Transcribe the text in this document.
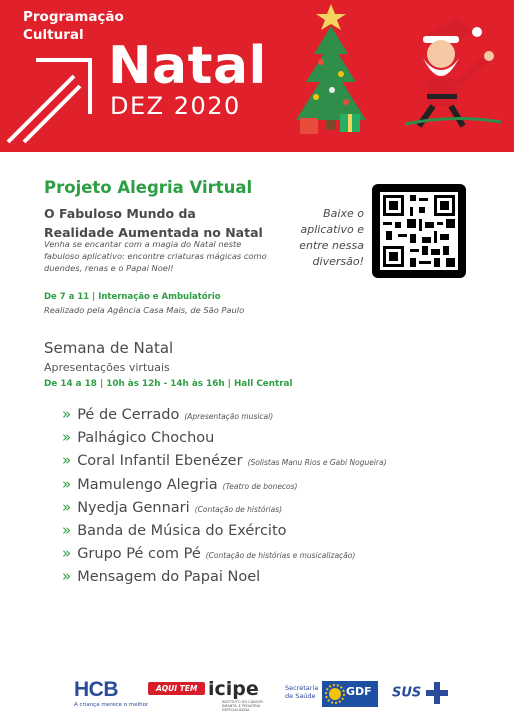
Programação
Cultural
Natal
DEZ 2020
Projeto Alegria Virtual
O Fabuloso Mundo da
Realidade Aumentada no Natal
Venha se encantar com a magia do Natal neste fabuloso aplicativo: encontre criaturas mágicas como duendes, renas e o Papai Noel!
De 7 a 11 | Internação e Ambulatório
Realizado pela Agência Casa Mais, de São Paulo
Baixe o aplicativo e entre nessa diversão!
Semana de Natal
Apresentações virtuais
De 14 a 18 | 10h às 12h - 14h às 16h | Hall Central
» Pé de Cerrado (Apresentação musical)
» Palhágico Chochou
» Coral Infantil Ebenézer (Solistas Manu Rios e Gabi Nogueira)
» Mamulengo Alegria (Teatro de bonecos)
» Nyedja Gennari (Contação de histórias)
» Banda de Música do Exército
» Grupo Pé com Pé (Contação de histórias e musicalização)
» Mensagem do Papai Noel
HCB
A criança merece o melhor
AQUI TEM icipe
INSTITUTO DO CÂNCER INFANTIL E PEDIATRIA ESPECIALIZADA
Secretaria de Saúde	GDF SUS
